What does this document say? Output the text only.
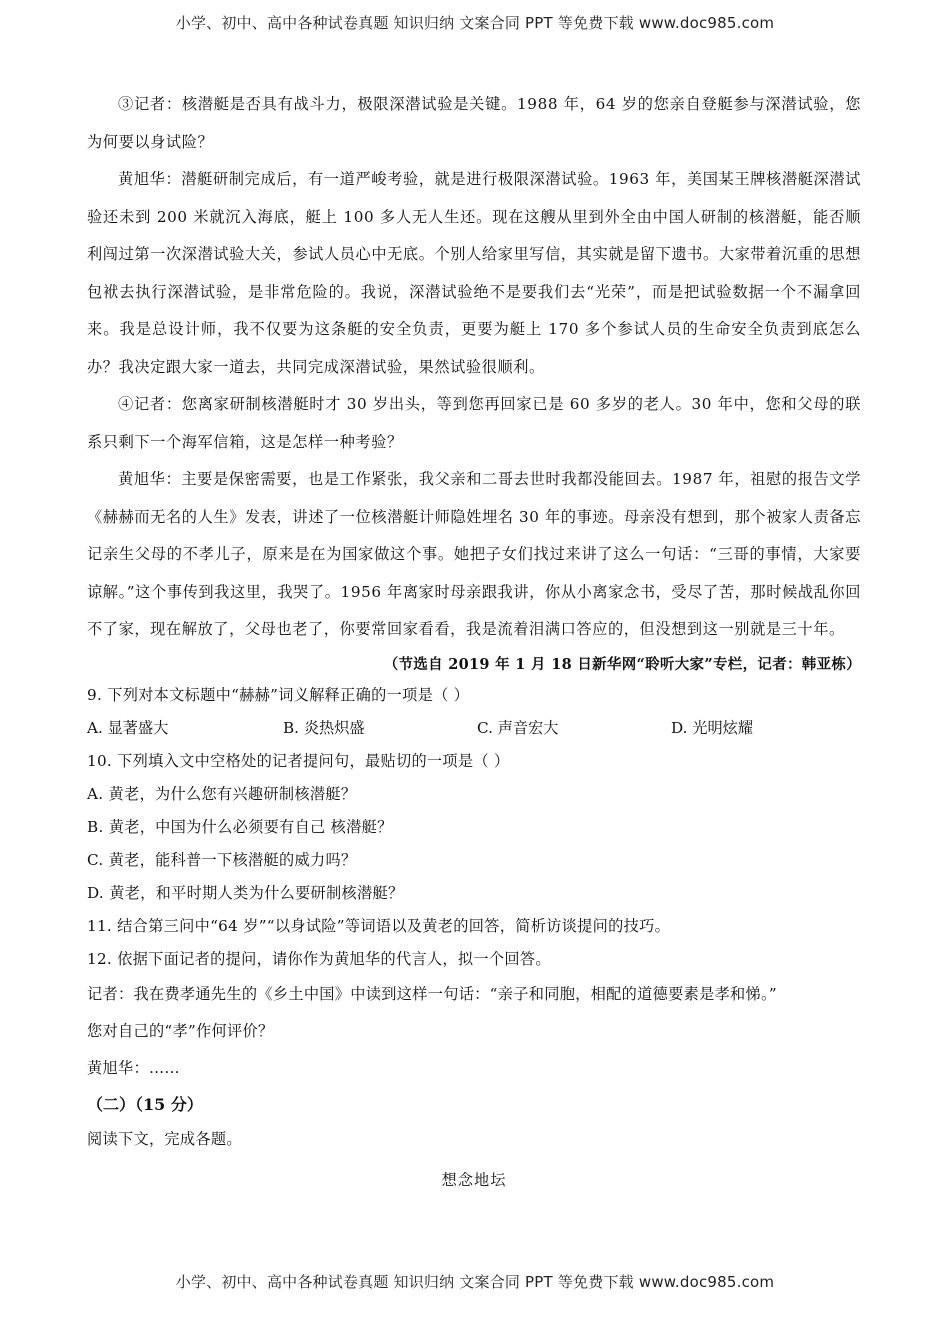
小学、初中、高中各种试卷真题 知识归纳 文案合同 PPT 等免费下载 www.doc985.com

③记者：核潜艇是否具有战斗力，极限深潜试验是关键。1988 年，64 岁的您亲自登艇参与深潜试验，您为何要以身试险？

黄旭华：潜艇研制完成后，有一道严峻考验，就是进行极限深潜试验。1963 年，美国某王牌核潜艇深潜试验还未到 200 米就沉入海底，艇上 100 多人无人生还。现在这艘从里到外全由中国人研制的核潜艇，能否顺利闯过第一次深潜试验大关，参试人员心中无底。个别人给家里写信，其实就是留下遗书。大家带着沉重的思想包袱去执行深潜试验，是非常危险的。我说，深潜试验绝不是要我们去“光荣”，而是把试验数据一个不漏拿回来。我是总设计师，我不仅要为这条艇的安全负责，更要为艇上 170 多个参试人员的生命安全负责到底怎么办？我决定跟大家一道去，共同完成深潜试验，果然试验很顺利。

④记者：您离家研制核潜艇时才 30 岁出头，等到您再回家已是 60 多岁的老人。30 年中，您和父母的联系只剩下一个海军信箱，这是怎样一种考验？

黄旭华：主要是保密需要，也是工作紧张，我父亲和二哥去世时我都没能回去。1987 年，祖慰的报告文学《赫赫而无名的人生》发表，讲述了一位核潜艇计师隐姓埋名 30 年的事迹。母亲没有想到，那个被家人责备忘记亲生父母的不孝儿子，原来是在为国家做这个事。她把子女们找过来讲了这么一句话：“三哥的事情，大家要谅解。”这个事传到我这里，我哭了。1956 年离家时母亲跟我讲，你从小离家念书，受尽了苦，那时候战乱你回不了家，现在解放了，父母也老了，你要常回家看看，我是流着泪满口答应的，但没想到这一别就是三十年。

（节选自 2019 年 1 月 18 日新华网“聆听大家”专栏，记者：韩亚栋）

9. 下列对本文标题中“赫赫”词义解释正确的一项是（ ）

A. 显著盛大	B. 炎热炽盛	C. 声音宏大	D. 光明炫耀

10. 下列填入文中空格处的记者提问句，最贴切的一项是（ ）

A. 黄老，为什么您有兴趣研制核潜艇？

B. 黄老，中国为什么必须要有自己 核潜艇？

C. 黄老，能科普一下核潜艇的威力吗？

D. 黄老，和平时期人类为什么要研制核潜艇？

11. 结合第三问中“64 岁”“以身试险”等词语以及黄老的回答，简析访谈提问的技巧。

12. 依据下面记者的提问，请你作为黄旭华的代言人，拟一个回答。

记者：我在费孝通先生的《乡土中国》中读到这样一句话：“亲子和同胞，相配的道德要素是孝和悌。”

您对自己的“孝”作何评价？

黄旭华：……

（二）（15 分）

阅读下文，完成各题。

想念地坛
小学、初中、高中各种试卷真题 知识归纳 文案合同 PPT 等免费下载 www.doc985.com
